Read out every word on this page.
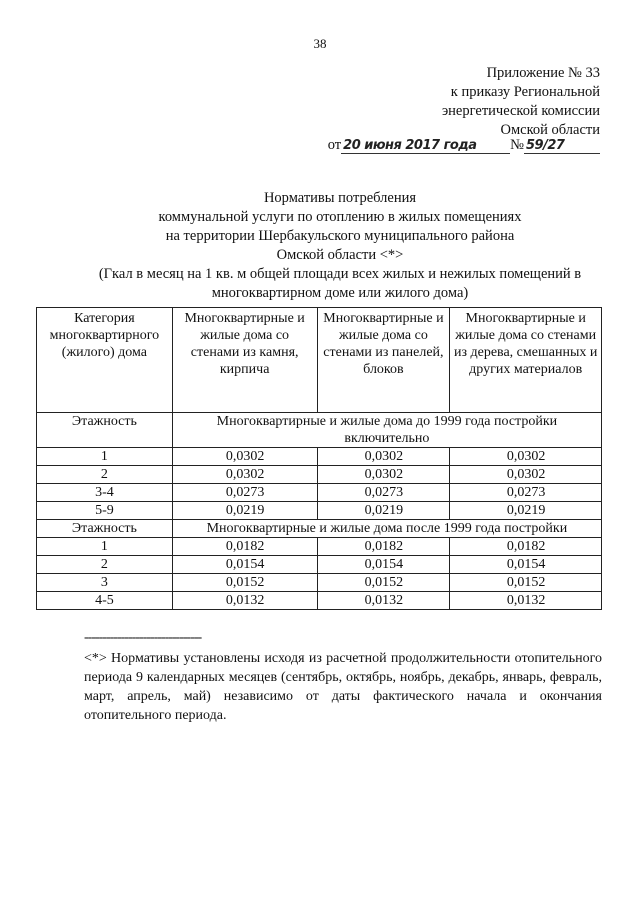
38
Приложение № 33
к приказу Региональной
энергетической комиссии
Омской области
от 20 июня 2017 года	№ 59/27
Нормативы потребления
коммунальной услуги по отоплению в жилых помещениях
на территории Шербакульского муниципального района
Омской области <*>
(Гкал в месяц на 1 кв. м общей площади всех жилых и нежилых помещений в
многоквартирном доме или жилого дома)
Категория многоквартирного (жилого) дома	Многоквартирные и жилые дома со стенами из камня, кирпича	Многоквартирные и жилые дома со стенами из панелей, блоков	Многоквартирные и жилые дома со стенами из дерева, смешанных и других материалов
Этажность	Многоквартирные и жилые дома до 1999 года постройки включительно		
1	0,0302	0,0302	0,0302
2	0,0302	0,0302	0,0302
3-4	0,0273	0,0273	0,0273
5-9	0,0219	0,0219	0,0219
Этажность	Многоквартирные и жилые дома после 1999 года постройки		
1	0,0182	0,0182	0,0182
2	0,0154	0,0154	0,0154
3	0,0152	0,0152	0,0152
4-5	0,0132	0,0132	0,0132
--------------------------------
<*> Нормативы установлены исходя из расчетной продолжительности отопительного периода 9 календарных месяцев (сентябрь, октябрь, ноябрь, декабрь, январь, февраль, март, апрель, май) независимо от даты фактического начала и окончания отопительного периода.
